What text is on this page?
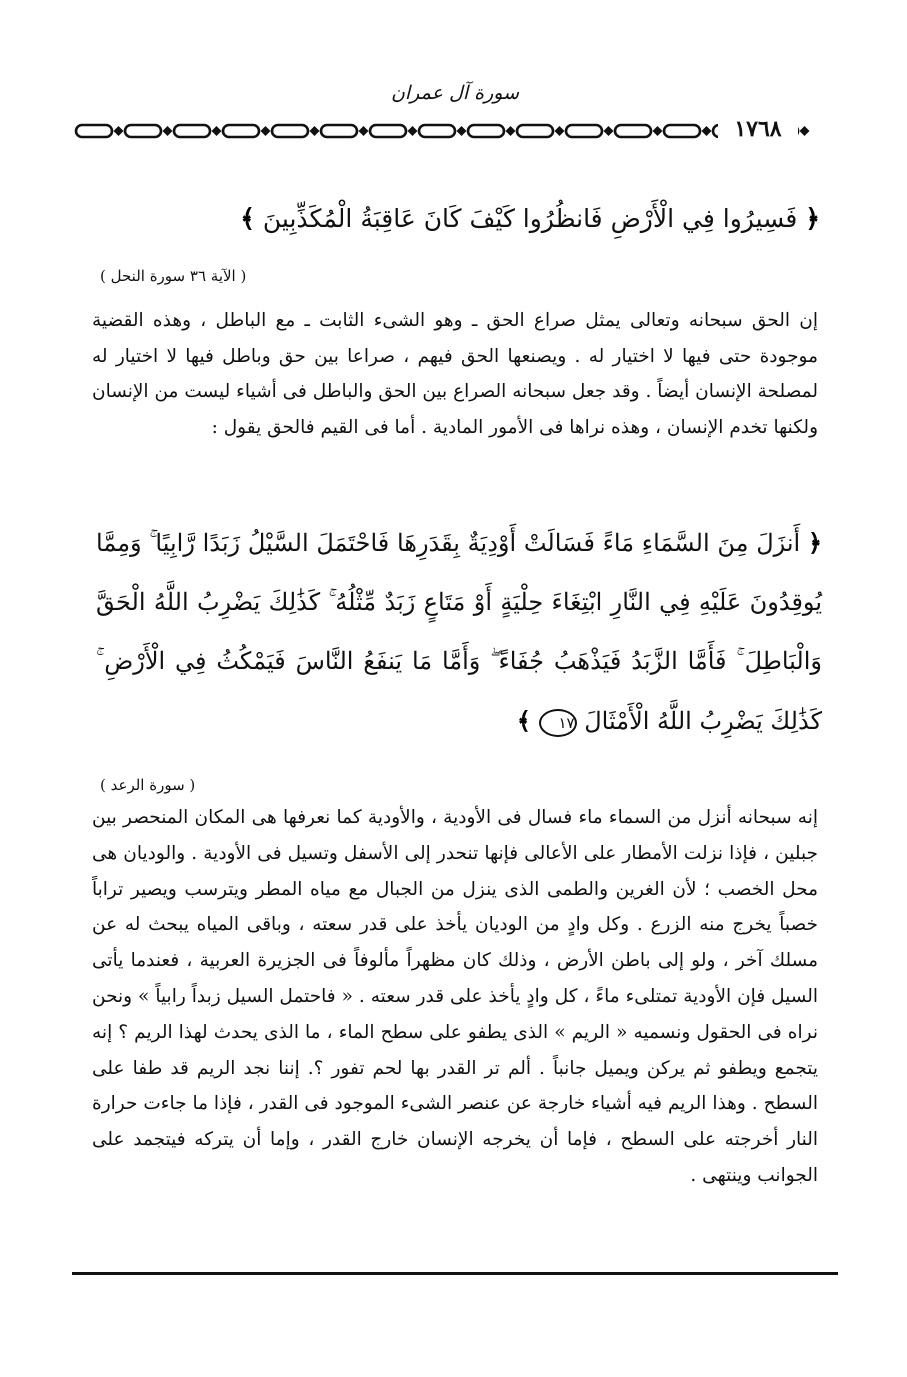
سورة آل عمران
١٧٦٨
﴿ فَسِيرُوا فِي الْأَرْضِ فَانظُرُوا كَيْفَ كَانَ عَاقِبَةُ الْمُكَذِّبِينَ ﴾
( الآية ٣٦ سورة النحل )
إن الحق سبحانه وتعالى يمثل صراع الحق ـ وهو الشىء الثابت ـ مع الباطل ، وهذه القضية موجودة حتى فيها لا اختيار له . ويصنعها الحق فيهم ، صراعا بين حق وباطل فيها لا اختيار له لمصلحة الإنسان أيضاً . وقد جعل سبحانه الصراع بين الحق والباطل فى أشياء ليست من الإنسان ولكنها تخدم الإنسان ، وهذه نراها فى الأمور المادية . أما فى القيم فالحق يقول :
﴿ أَنزَلَ مِنَ السَّمَاءِ مَاءً فَسَالَتْ أَوْدِيَةٌ بِقَدَرِهَا فَاحْتَمَلَ السَّيْلُ زَبَدًا رَّابِيًا ۚ وَمِمَّا يُوقِدُونَ عَلَيْهِ فِي النَّارِ ابْتِغَاءَ حِلْيَةٍ أَوْ مَتَاعٍ زَبَدٌ مِّثْلُهُ ۚ كَذَٰلِكَ يَضْرِبُ اللَّهُ الْحَقَّ وَالْبَاطِلَ ۚ فَأَمَّا الزَّبَدُ فَيَذْهَبُ جُفَاءً ۖ وَأَمَّا مَا يَنفَعُ النَّاسَ فَيَمْكُثُ فِي الْأَرْضِ ۚ كَذَٰلِكَ يَضْرِبُ اللَّهُ الْأَمْثَالَ ١٧ ﴾
( سورة الرعد )
إنه سبحانه أنزل من السماء ماء فسال فى الأودية ، والأودية كما نعرفها هى المكان المنحصر بين جبلين ، فإذا نزلت الأمطار على الأعالى فإنها تنحدر إلى الأسفل وتسيل فى الأودية . والوديان هى محل الخصب ؛ لأن الغرين والطمى الذى ينزل من الجبال مع مياه المطر ويترسب ويصير تراباً خصباً يخرج منه الزرع . وكل وادٍ من الوديان يأخذ على قدر سعته ، وباقى المياه يبحث له عن مسلك آخر ، ولو إلى باطن الأرض ، وذلك كان مظهراً مألوفاً فى الجزيرة العربية ، فعندما يأتى السيل فإن الأودية تمتلىء ماءً ، كل وادٍ يأخذ على قدر سعته . « فاحتمل السيل زبداً رابياً » ونحن نراه فى الحقول ونسميه « الريم » الذى يطفو على سطح الماء ، ما الذى يحدث لهذا الريم ؟ إنه يتجمع ويطفو ثم يركن ويميل جانباً . ألم تر القدر بها لحم تفور ؟. إننا نجد الريم قد طفا على السطح . وهذا الريم فيه أشياء خارجة عن عنصر الشىء الموجود فى القدر ، فإذا ما جاءت حرارة النار أخرجته على السطح ، فإما أن يخرجه الإنسان خارج القدر ، وإما أن يتركه فيتجمد على الجوانب وينتهى .
